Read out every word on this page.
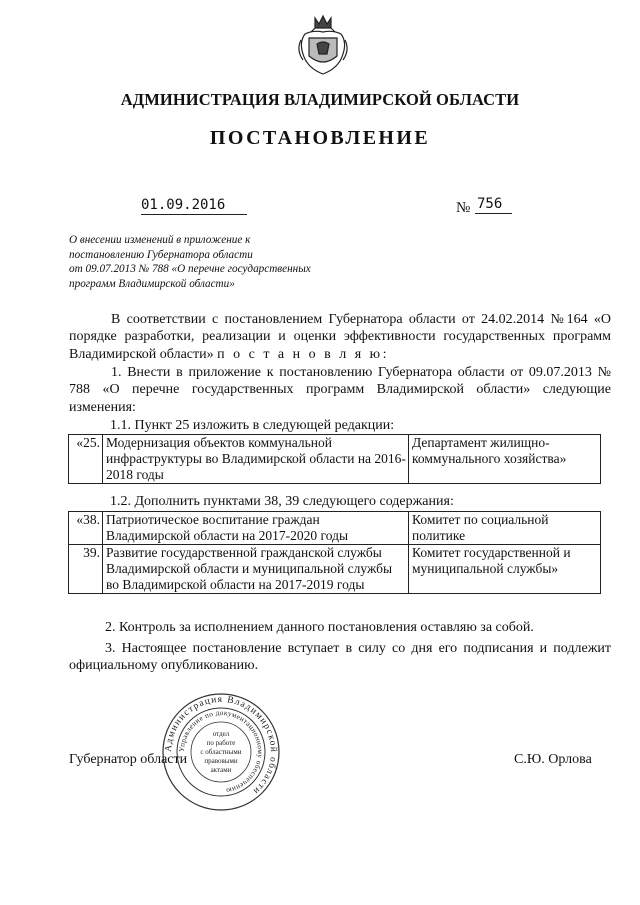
АДМИНИСТРАЦИЯ ВЛАДИМИРСКОЙ ОБЛАСТИ
ПОСТАНОВЛЕНИЕ
01.09.2016	№ 756
О внесении изменений в приложение к
постановлению Губернатора области
от 09.07.2013 № 788 «О перечне государственных
программ Владимирской области»
В соответствии с постановлением Губернатора области от 24.02.2014 №164 «О порядке разработки, реализации и оценки эффективности государственных программ Владимирской области» п о с т а н о в л я ю:
1. Внести в приложение к постановлению Губернатора области от 09.07.2013 № 788 «О перечне государственных программ Владимирской области» следующие изменения:
1.1. Пункт 25 изложить в следующей редакции:
«25.	Модернизация объектов коммунальной инфраструктуры во Владимирской области на 2016-2018 годы	Департамент жилищно-коммунального хозяйства»
1.2. Дополнить пунктами 38, 39 следующего содержания:
«38.	Патриотическое воспитание граждан Владимирской области на 2017-2020 годы	Комитет по социальной политике
39.	Развитие государственной гражданской службы Владимирской области и муниципальной службы во Владимирской области на 2017-2019 годы	Комитет государственной и муниципальной службы»
2. Контроль за исполнением данного постановления оставляю за собой.
3. Настоящее постановление вступает в силу со дня его подписания и подлежит официальному опубликованию.
Администрация Владимирской области
Управление по документационному обеспечению
отдел
по работе
с областными
правовыми
актами
Губернатор области	С.Ю. Орлова
